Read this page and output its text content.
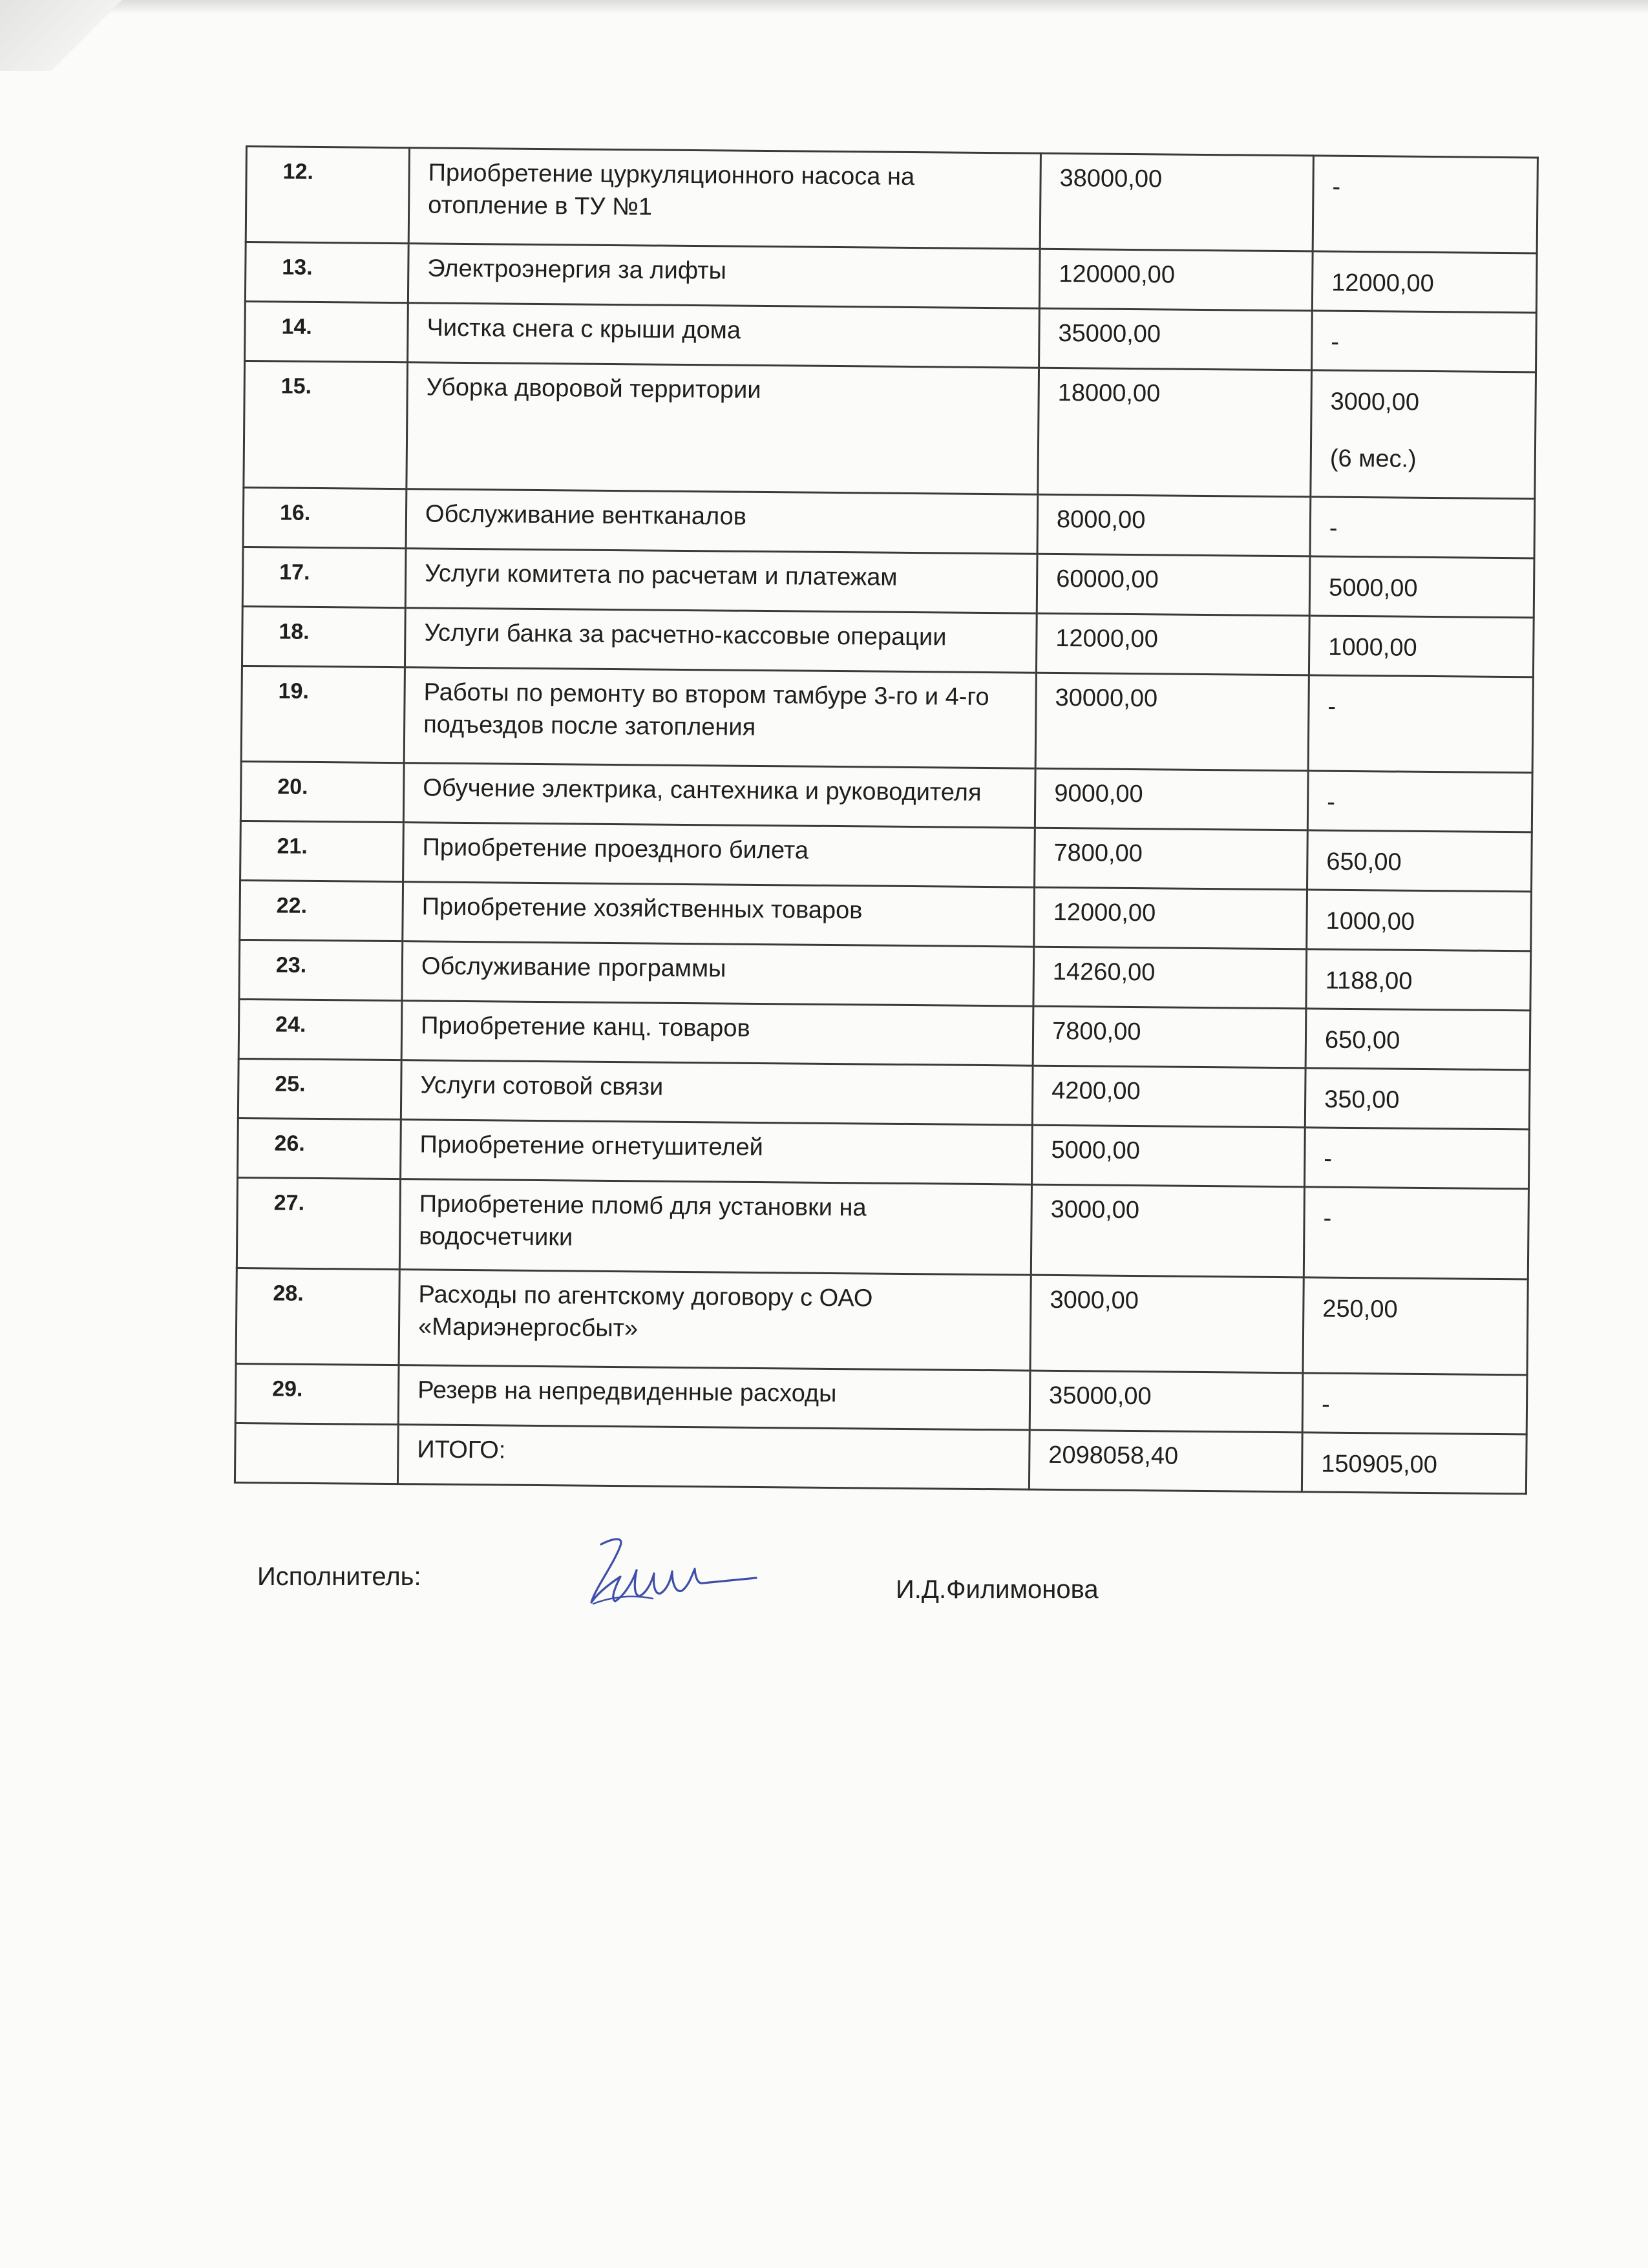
12.	Приобретение цуркуляционного насоса на отопление в ТУ №1	38000,00	-
13.	Электроэнергия за лифты	120000,00	12000,00
14.	Чистка снега с крыши дома	35000,00	-
15.	Уборка дворовой территории	18000,00	3000,00
(6 мес.)

16.	Обслуживание вентканалов	8000,00	-
17.	Услуги комитета по расчетам и платежам	60000,00	5000,00
18.	Услуги банка за расчетно-кассовые операции	12000,00	1000,00
19.	Работы по ремонту во втором тамбуре 3-го и 4-го подъездов после затопления	30000,00	-
20.	Обучение электрика, сантехника и руководителя	9000,00	-
21.	Приобретение проездного билета	7800,00	650,00
22.	Приобретение хозяйственных товаров	12000,00	1000,00
23.	Обслуживание программы	14260,00	1188,00
24.	Приобретение канц. товаров	7800,00	650,00
25.	Услуги сотовой связи	4200,00	350,00
26.	Приобретение огнетушителей	5000,00	-
27.	Приобретение пломб для установки на водосчетчики	3000,00	-
28.	Расходы по агентскому договору с ОАО «Мариэнергосбыт»	3000,00	250,00
29.	Резерв на непредвиденные расходы	35000,00	-
	ИТОГО:	2098058,40	150905,00
Исполнитель:	И.Д.Филимонова
